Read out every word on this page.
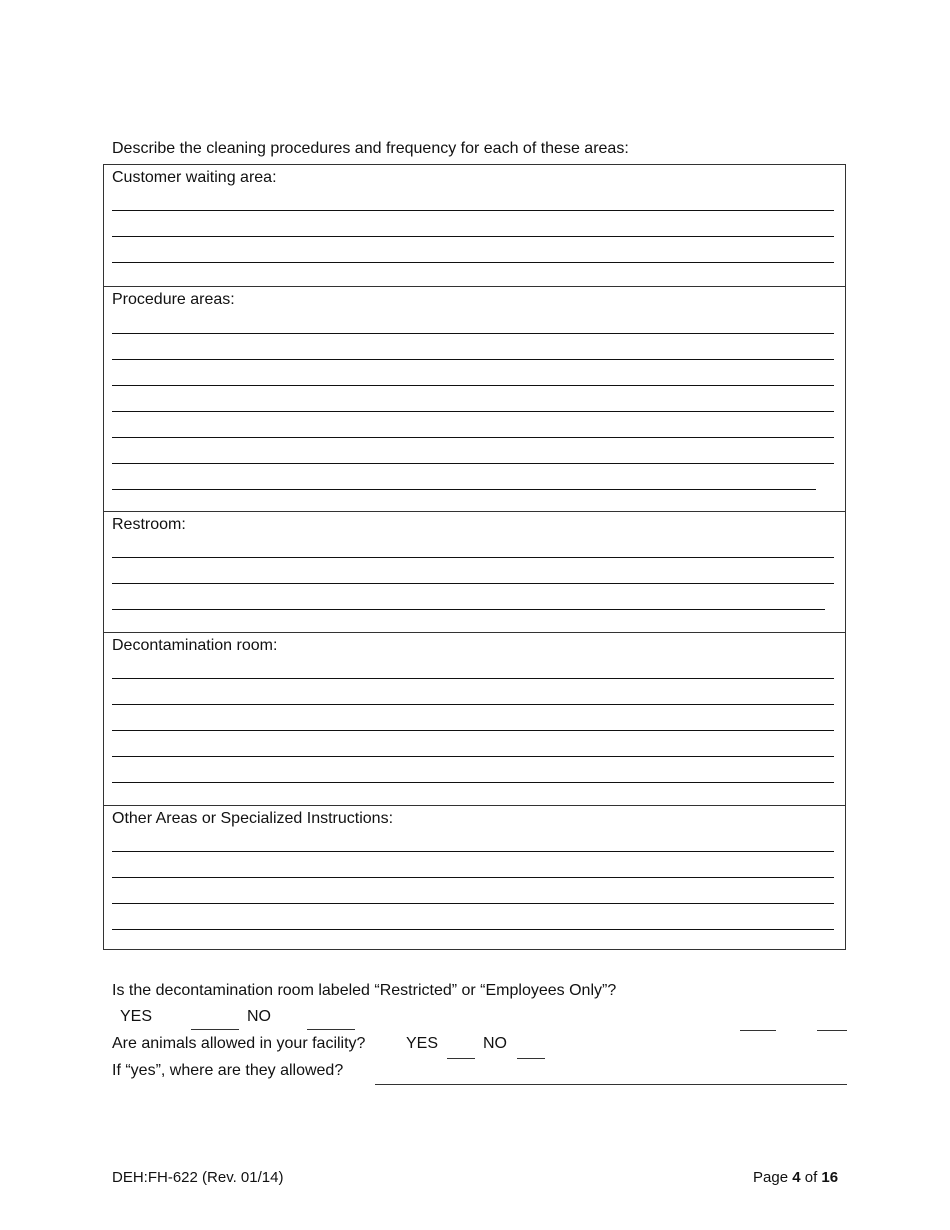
Describe the cleaning procedures and frequency for each of these areas:
Customer waiting area:
Procedure areas:
Restroom:
Decontamination room:
Other Areas or Specialized Instructions:
Is the decontamination room labeled “Restricted” or “Employees Only”?
YES	NO
Are animals allowed in your facility?	YES	NO
If “yes”, where are they allowed?
DEH:FH-622 (Rev. 01/14)	Page 4 of 16
